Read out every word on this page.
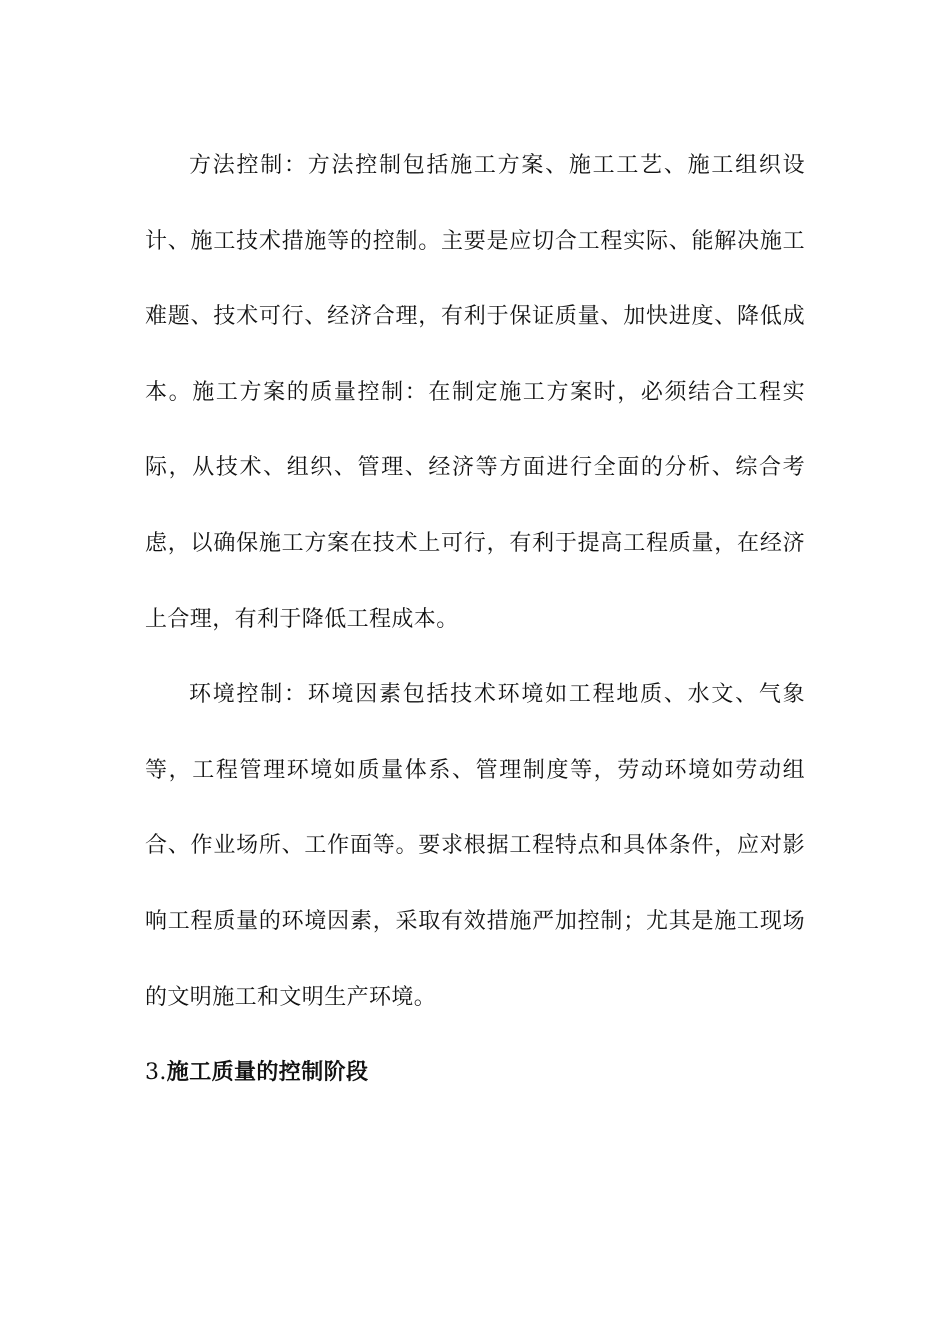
方法控制：方法控制包括施工方案、施工工艺、施工组织设计、施工技术措施等的控制。主要是应切合工程实际、能解决施工难题、技术可行、经济合理，有利于保证质量、加快进度、降低成本。施工方案的质量控制：在制定施工方案时，必须结合工程实际，从技术、组织、管理、经济等方面进行全面的分析、综合考虑，以确保施工方案在技术上可行，有利于提高工程质量，在经济上合理，有利于降低工程成本。

环境控制：环境因素包括技术环境如工程地质、水文、气象等，工程管理环境如质量体系、管理制度等，劳动环境如劳动组合、作业场所、工作面等。要求根据工程特点和具体条件，应对影响工程质量的环境因素，采取有效措施严加控制；尤其是施工现场的文明施工和文明生产环境。

3.施工质量的控制阶段
